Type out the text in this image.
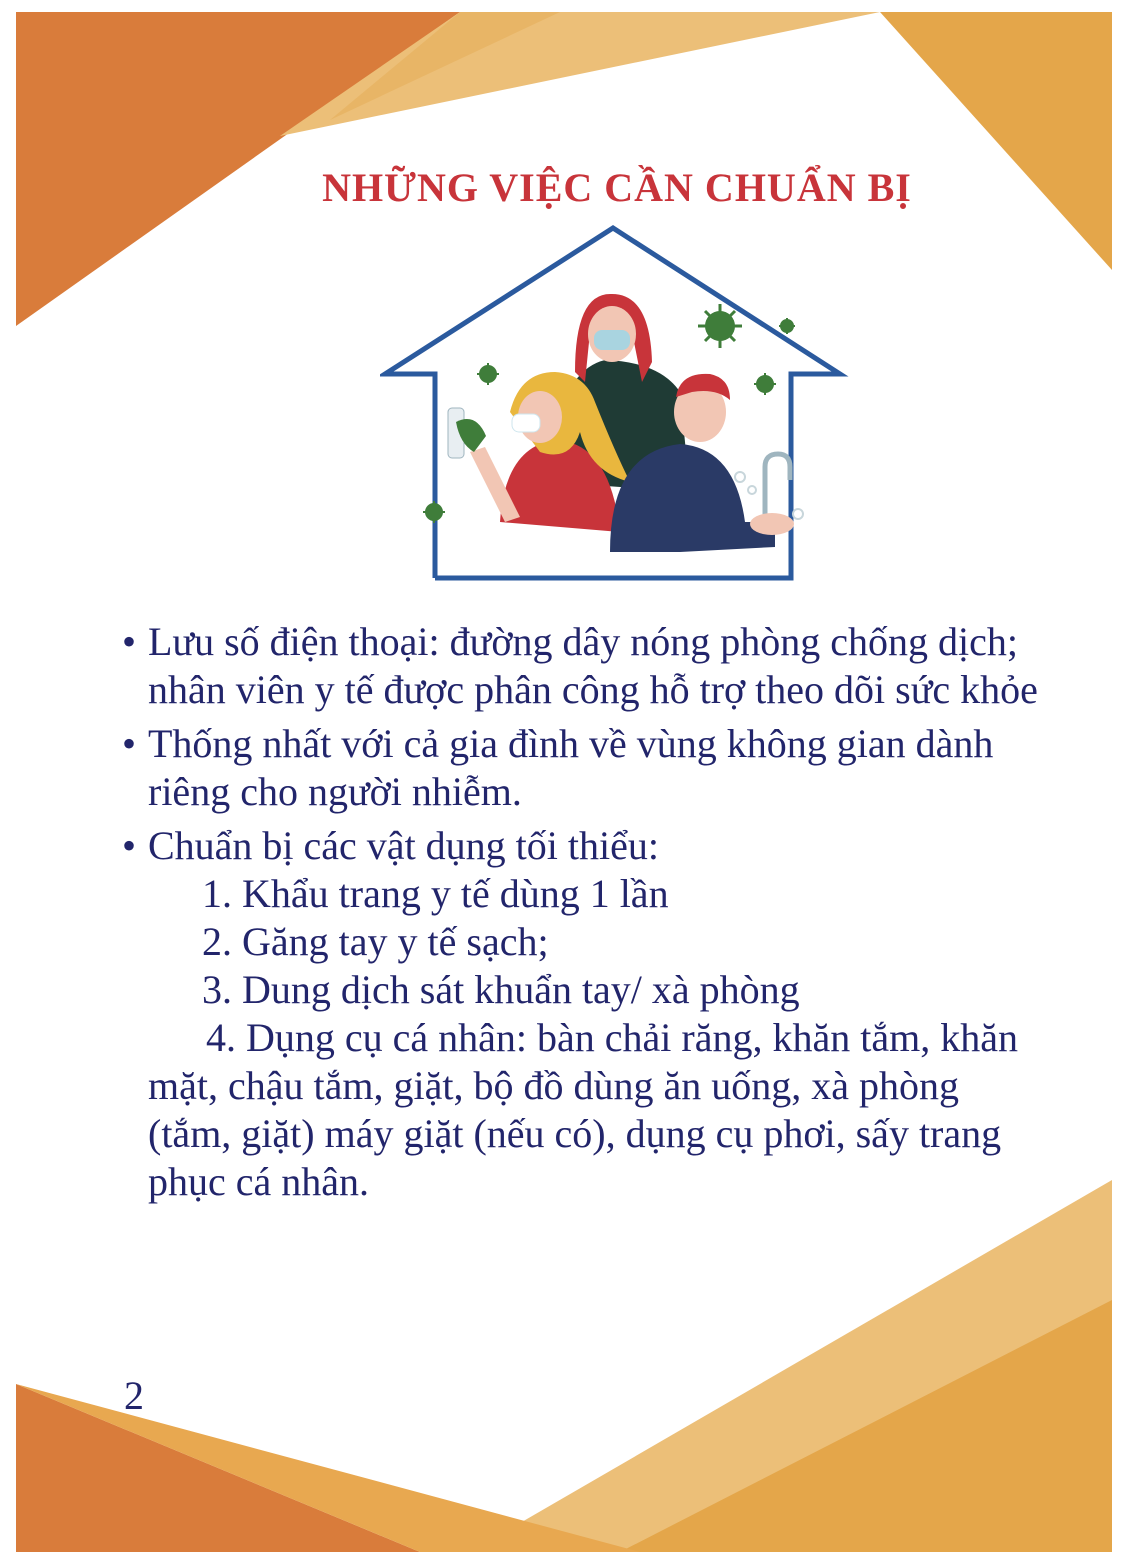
NHỮNG VIỆC CẦN CHUẨN BỊ

• Lưu số điện thoại: đường dây nóng phòng chống dịch; nhân viên y tế được phân công hỗ trợ theo dõi sức khỏe

• Thống nhất với cả gia đình về vùng không gian dành riêng cho người nhiễm.

• Chuẩn bị các vật dụng tối thiểu:

1. Khẩu trang y tế dùng 1 lần

2. Găng tay y tế sạch;

3. Dung dịch sát khuẩn tay/ xà phòng

4. Dụng cụ cá nhân: bàn chải răng, khăn tắm, khăn mặt, chậu tắm, giặt, bộ đồ dùng ăn uống, xà phòng (tắm, giặt) máy giặt (nếu có), dụng cụ phơi, sấy trang phục cá nhân.

2
